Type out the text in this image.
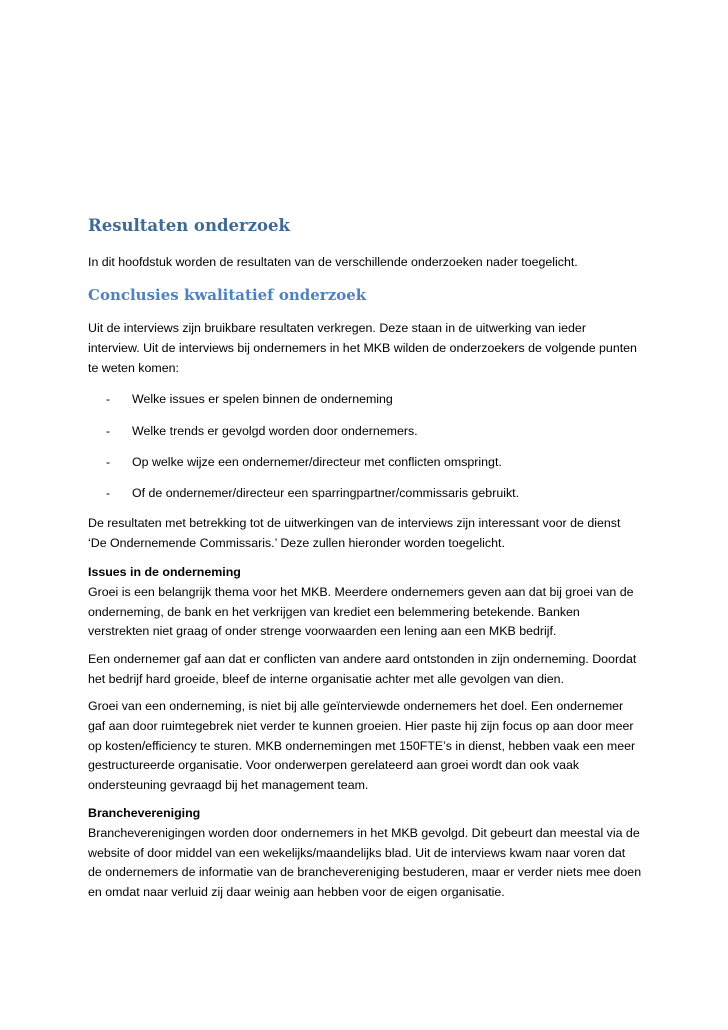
Resultaten onderzoek
In dit hoofdstuk worden de resultaten van de verschillende onderzoeken nader toegelicht.
Conclusies kwalitatief onderzoek
Uit de interviews zijn bruikbare resultaten verkregen. Deze staan in de uitwerking van ieder
interview. Uit de interviews bij ondernemers in het MKB wilden de onderzoekers de volgende punten
te weten komen:
- Welke issues er spelen binnen de onderneming
- Welke trends er gevolgd worden door ondernemers.
- Op welke wijze een ondernemer/directeur met conflicten omspringt.
- Of de ondernemer/directeur een sparringpartner/commissaris gebruikt.
De resultaten met betrekking tot de uitwerkingen van de interviews zijn interessant voor de dienst
‘De Ondernemende Commissaris.’ Deze zullen hieronder worden toegelicht.
Issues in de onderneming
Groei is een belangrijk thema voor het MKB. Meerdere ondernemers geven aan dat bij groei van de
onderneming, de bank en het verkrijgen van krediet een belemmering betekende. Banken
verstrekten niet graag of onder strenge voorwaarden een lening aan een MKB bedrijf.
Een ondernemer gaf aan dat er conflicten van andere aard ontstonden in zijn onderneming. Doordat
het bedrijf hard groeide, bleef de interne organisatie achter met alle gevolgen van dien.
Groei van een onderneming, is niet bij alle geïnterviewde ondernemers het doel. Een ondernemer
gaf aan door ruimtegebrek niet verder te kunnen groeien. Hier paste hij zijn focus op aan door meer
op kosten/efficiency te sturen. MKB ondernemingen met 150FTE’s in dienst, hebben vaak een meer
gestructureerde organisatie. Voor onderwerpen gerelateerd aan groei wordt dan ook vaak
ondersteuning gevraagd bij het management team.
Branchevereniging
Brancheverenigingen worden door ondernemers in het MKB gevolgd. Dit gebeurt dan meestal via de
website of door middel van een wekelijks/maandelijks blad. Uit de interviews kwam naar voren dat
de ondernemers de informatie van de branchevereniging bestuderen, maar er verder niets mee doen
en omdat naar verluid zij daar weinig aan hebben voor de eigen organisatie.
